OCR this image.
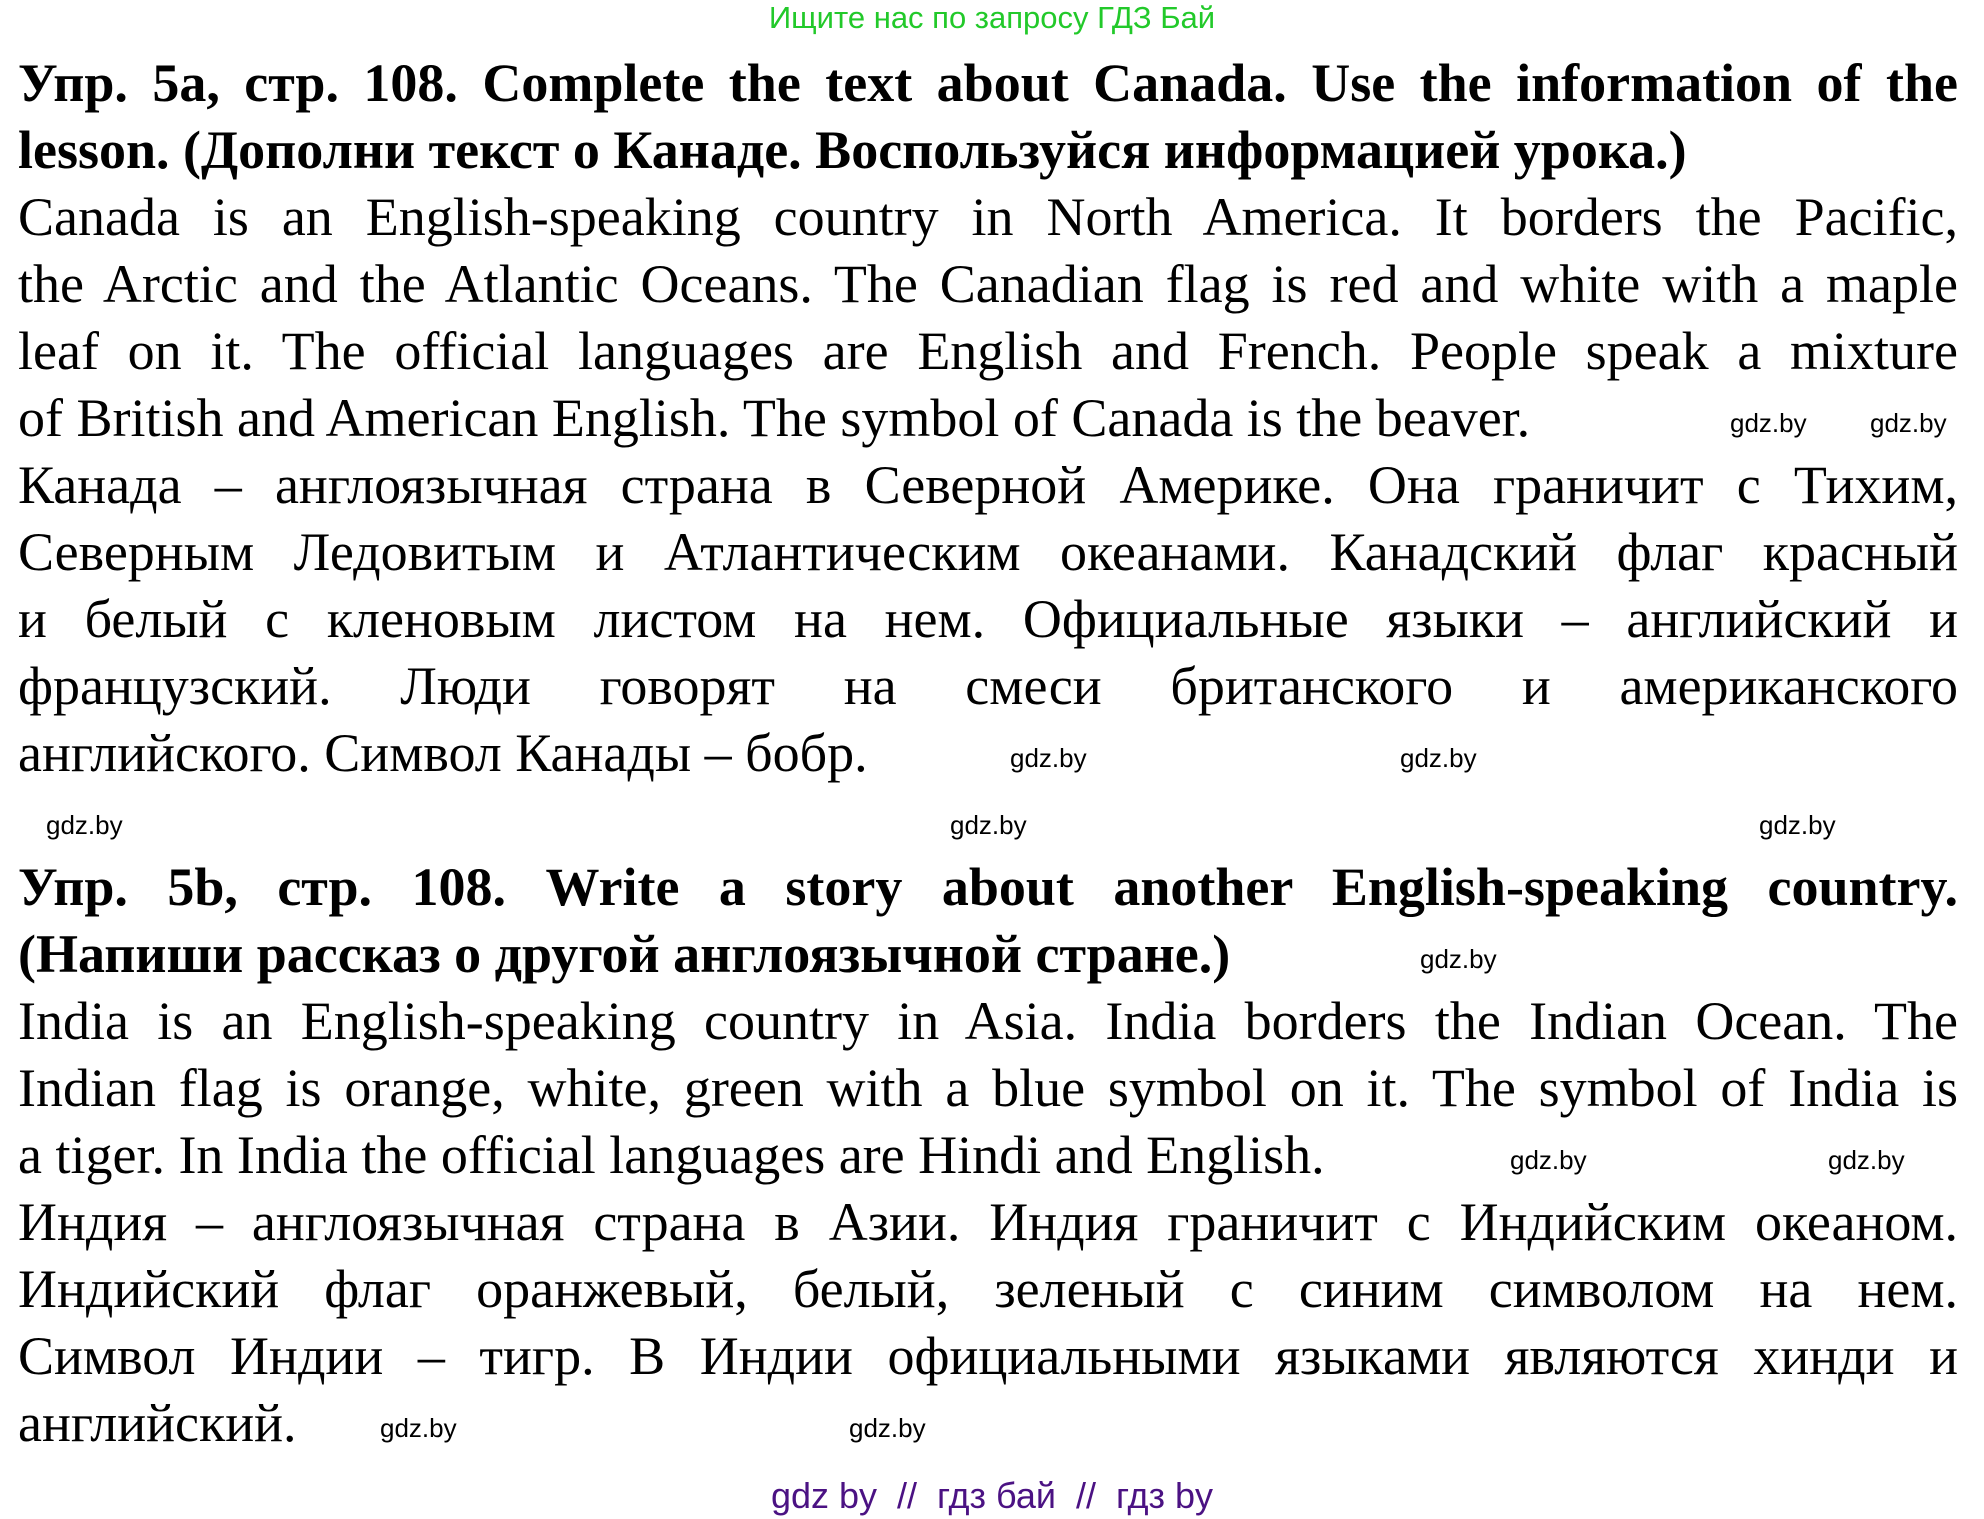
Ищите нас по запросу ГДЗ Бай
Упр. 5a, стр. 108. Complete the text about Canada. Use the information of the
lesson. (Дополни текст о Канаде. Воспользуйся информацией урока.)
Canada is an English-speaking country in North America. It borders the Pacific,
the Arctic and the Atlantic Oceans. The Canadian flag is red and white with a maple
leaf on it. The official languages are English and French. People speak a mixture
of British and American English. The symbol of Canada is the beaver.
Канада – англоязычная страна в Северной Америке. Она граничит с Тихим,
Северным Ледовитым и Атлантическим океанами. Канадский флаг красный
и белый с кленовым листом на нем. Официальные языки – английский и
французский. Люди говорят на смеси британского и американского
английского. Символ Канады – бобр.
Упр. 5b, стр. 108. Write a story about another English-speaking country.
(Напиши рассказ о другой англоязычной стране.)
India is an English-speaking country in Asia. India borders the Indian Ocean. The
Indian flag is orange, white, green with a blue symbol on it. The symbol of India is
a tiger. In India the official languages are Hindi and English.
Индия – англоязычная страна в Азии. Индия граничит с Индийским океаном.
Индийский флаг оранжевый, белый, зеленый с синим символом на нем.
Символ Индии – тигр. В Индии официальными языками являются хинди и
английский.
gdz.by gdz.by
gdz.by	gdz.by
gdz.by	gdz.by	gdz.by
gdz.by
gdz.by	gdz.by
gdz.by	gdz.by
gdz by  //  гдз бай  //  гдз by
